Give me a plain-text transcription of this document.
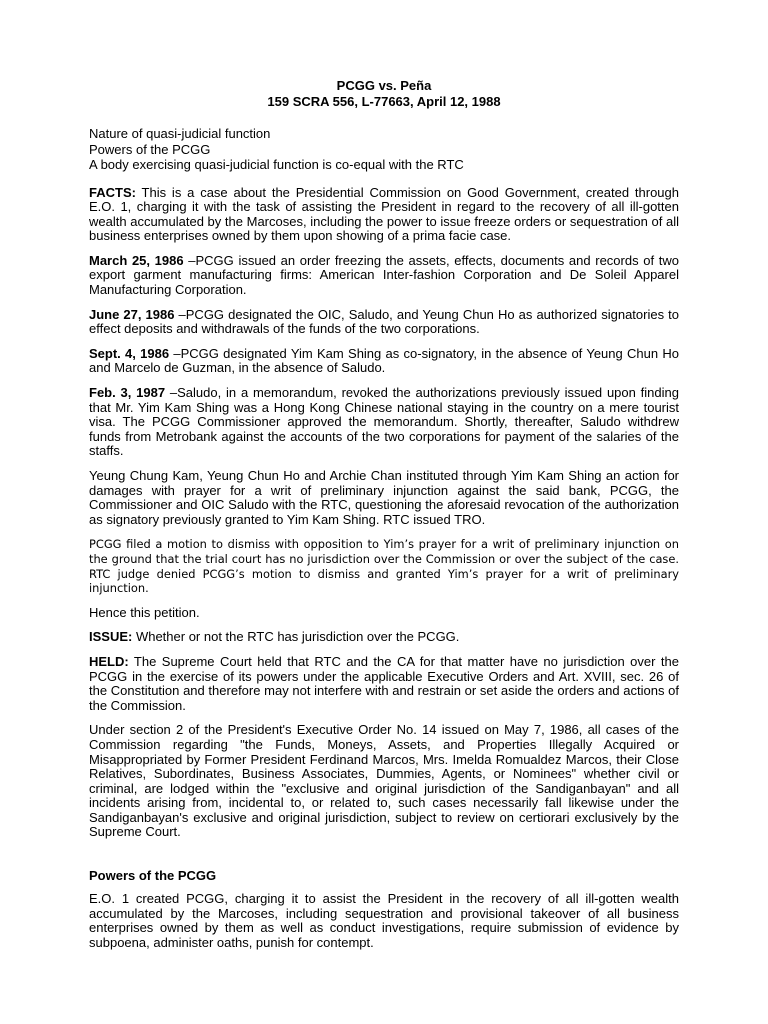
PCGG vs. Peña
159 SCRA 556, L-77663, April 12, 1988
Nature of quasi-judicial function
Powers of the PCGG
A body exercising quasi-judicial function is co-equal with the RTC

FACTS: This is a case about the Presidential Commission on Good Government, created through E.O. 1, charging it with the task of assisting the President in regard to the recovery of all ill-gotten wealth accumulated by the Marcoses, including the power to issue freeze orders or sequestration of all business enterprises owned by them upon showing of a prima facie case.

March 25, 1986 –PCGG issued an order freezing the assets, effects, documents and records of two export garment manufacturing firms: American Inter-fashion Corporation and De Soleil Apparel Manufacturing Corporation.

June 27, 1986 –PCGG designated the OIC, Saludo, and Yeung Chun Ho as authorized signatories to effect deposits and withdrawals of the funds of the two corporations.

Sept. 4, 1986 –PCGG designated Yim Kam Shing as co-signatory, in the absence of Yeung Chun Ho and Marcelo de Guzman, in the absence of Saludo.

Feb. 3, 1987 –Saludo, in a memorandum, revoked the authorizations previously issued upon finding that Mr. Yim Kam Shing was a Hong Kong Chinese national staying in the country on a mere tourist visa. The PCGG Commissioner approved the memorandum. Shortly, thereafter, Saludo withdrew funds from Metrobank against the accounts of the two corporations for payment of the salaries of the staffs.

Yeung Chung Kam, Yeung Chun Ho and Archie Chan instituted through Yim Kam Shing an action for damages with prayer for a writ of preliminary injunction against the said bank, PCGG, the Commissioner and OIC Saludo with the RTC, questioning the aforesaid revocation of the authorization as signatory previously granted to Yim Kam Shing. RTC issued TRO.

PCGG filed a motion to dismiss with opposition to Yim’s prayer for a writ of preliminary injunction on the ground that the trial court has no jurisdiction over the Commission or over the subject of the case. RTC judge denied PCGG’s motion to dismiss and granted Yim’s prayer for a writ of preliminary injunction.

Hence this petition.

ISSUE: Whether or not the RTC has jurisdiction over the PCGG.

HELD: The Supreme Court held that RTC and the CA for that matter have no jurisdiction over the PCGG in the exercise of its powers under the applicable Executive Orders and Art. XVIII, sec. 26 of the Constitution and therefore may not interfere with and restrain or set aside the orders and actions of the Commission.

Under section 2 of the President's Executive Order No. 14 issued on May 7, 1986, all cases of the Commission regarding "the Funds, Moneys, Assets, and Properties Illegally Acquired or Misappropriated by Former President Ferdinand Marcos, Mrs. Imelda Romualdez Marcos, their Close Relatives, Subordinates, Business Associates, Dummies, Agents, or Nominees" whether civil or criminal, are lodged within the "exclusive and original jurisdiction of the Sandiganbayan" and all incidents arising from, incidental to, or related to, such cases necessarily fall likewise under the Sandiganbayan's exclusive and original jurisdiction, subject to review on certiorari exclusively by the Supreme Court.

Powers of the PCGG

E.O. 1 created PCGG, charging it to assist the President in the recovery of all ill-gotten wealth accumulated by the Marcoses, including sequestration and provisional takeover of all business enterprises owned by them as well as conduct investigations, require submission of evidence by subpoena, administer oaths, punish for contempt.
